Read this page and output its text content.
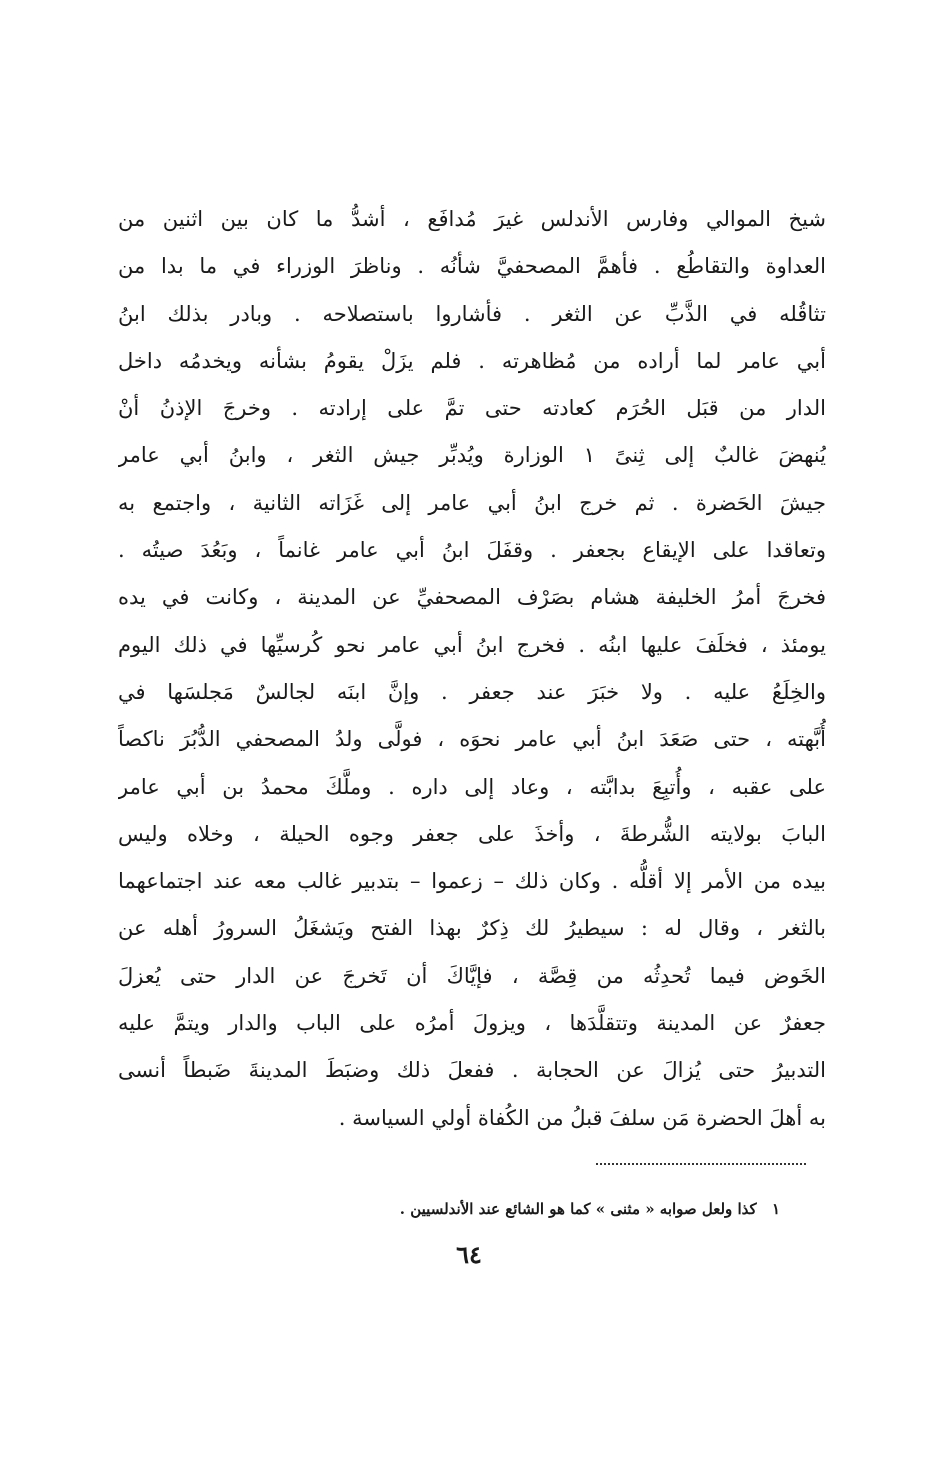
شيخ الموالي وفارس الأندلس غيرَ مُدافَع ، أشدُّ ما كان بين اثنين من
العداوة والتقاطُع . فأهمَّ المصحفيَّ شأنُه . وناظرَ الوزراء في ما بدا من
تثاقُله في الذَّبِّ عن الثغر . فأشاروا باستصلاحه . وبادر بذلك ابنُ
أبي عامر لما أراده من مُظاهرته . فلم يزَلْ يقومُ بشأنه ويخدمُه داخل
الدار من قبَل الحُرَم كعادته حتى تمَّ على إرادته . وخرجَ الإذنُ أنْ
يُنهضَ غالبٌ إلى ثِنىً ١ الوزارة ويُدبِّر جيش الثغر ، وابنُ أبي عامر
جيشَ الحَضرة . ثم خرج ابنُ أبي عامر إلى غَزَاته الثانية ، واجتمع به
وتعاقدا على الإيقاع بجعفر . وقفَلَ ابنُ أبي عامر غانماً ، وبَعُدَ صيتُه .
فخرجَ أمرُ الخليفة هشام بصَرْف المصحفيِّ عن المدينة ، وكانت في يده
يومئذ ، فخلَفَ عليها ابنُه . فخرج ابنُ أبي عامر نحو كُرسيِّها في ذلك اليوم
والخِلَعُ عليه . ولا خبَرَ عند جعفر . وإنَّ ابنَه لجالسٌ مَجلسَها في
أُبَّهته ، حتى صَعَدَ ابنُ أبي عامر نحوَه ، فولَّى ولدُ المصحفي الدُّبُرَ ناكصاً
على عقبه ، وأُتبِعَ بدابَّته ، وعاد إلى داره . وملَّكَ محمدُ بن أبي عامر
البابَ بولايته الشُّرطةَ ، وأخذَ على جعفر وجوه الحيلة ، وخلاه وليس
بيده من الأمر إلا أقلُّه . وكان ذلك – زعموا – بتدبير غالب معه عند اجتماعهما
بالثغر ، وقال له : سيطيرُ لك ذِكرٌ بهذا الفتح ويَشغَلُ السرورُ أهله عن
الخَوض فيما تُحدِثُه من قِصَّة ، فإيَّاكَ أن تَخرجَ عن الدار حتى يُعزلَ
جعفرٌ عن المدينة وتتقلَّدَها ، ويزولَ أمرُه على الباب والدار ويتمَّ عليه
التدبيرُ حتى يُزالَ عن الحجابة . ففعلَ ذلك وضبَطَ المدينةَ ضَبطاً أنسى
به أهلَ الحضرة مَن سلفَ قبلُ من الكُفاة أولي السياسة .
١ كذا ولعل صوابه « مثنى » كما هو الشائع عند الأندلسيين .
٦٤
